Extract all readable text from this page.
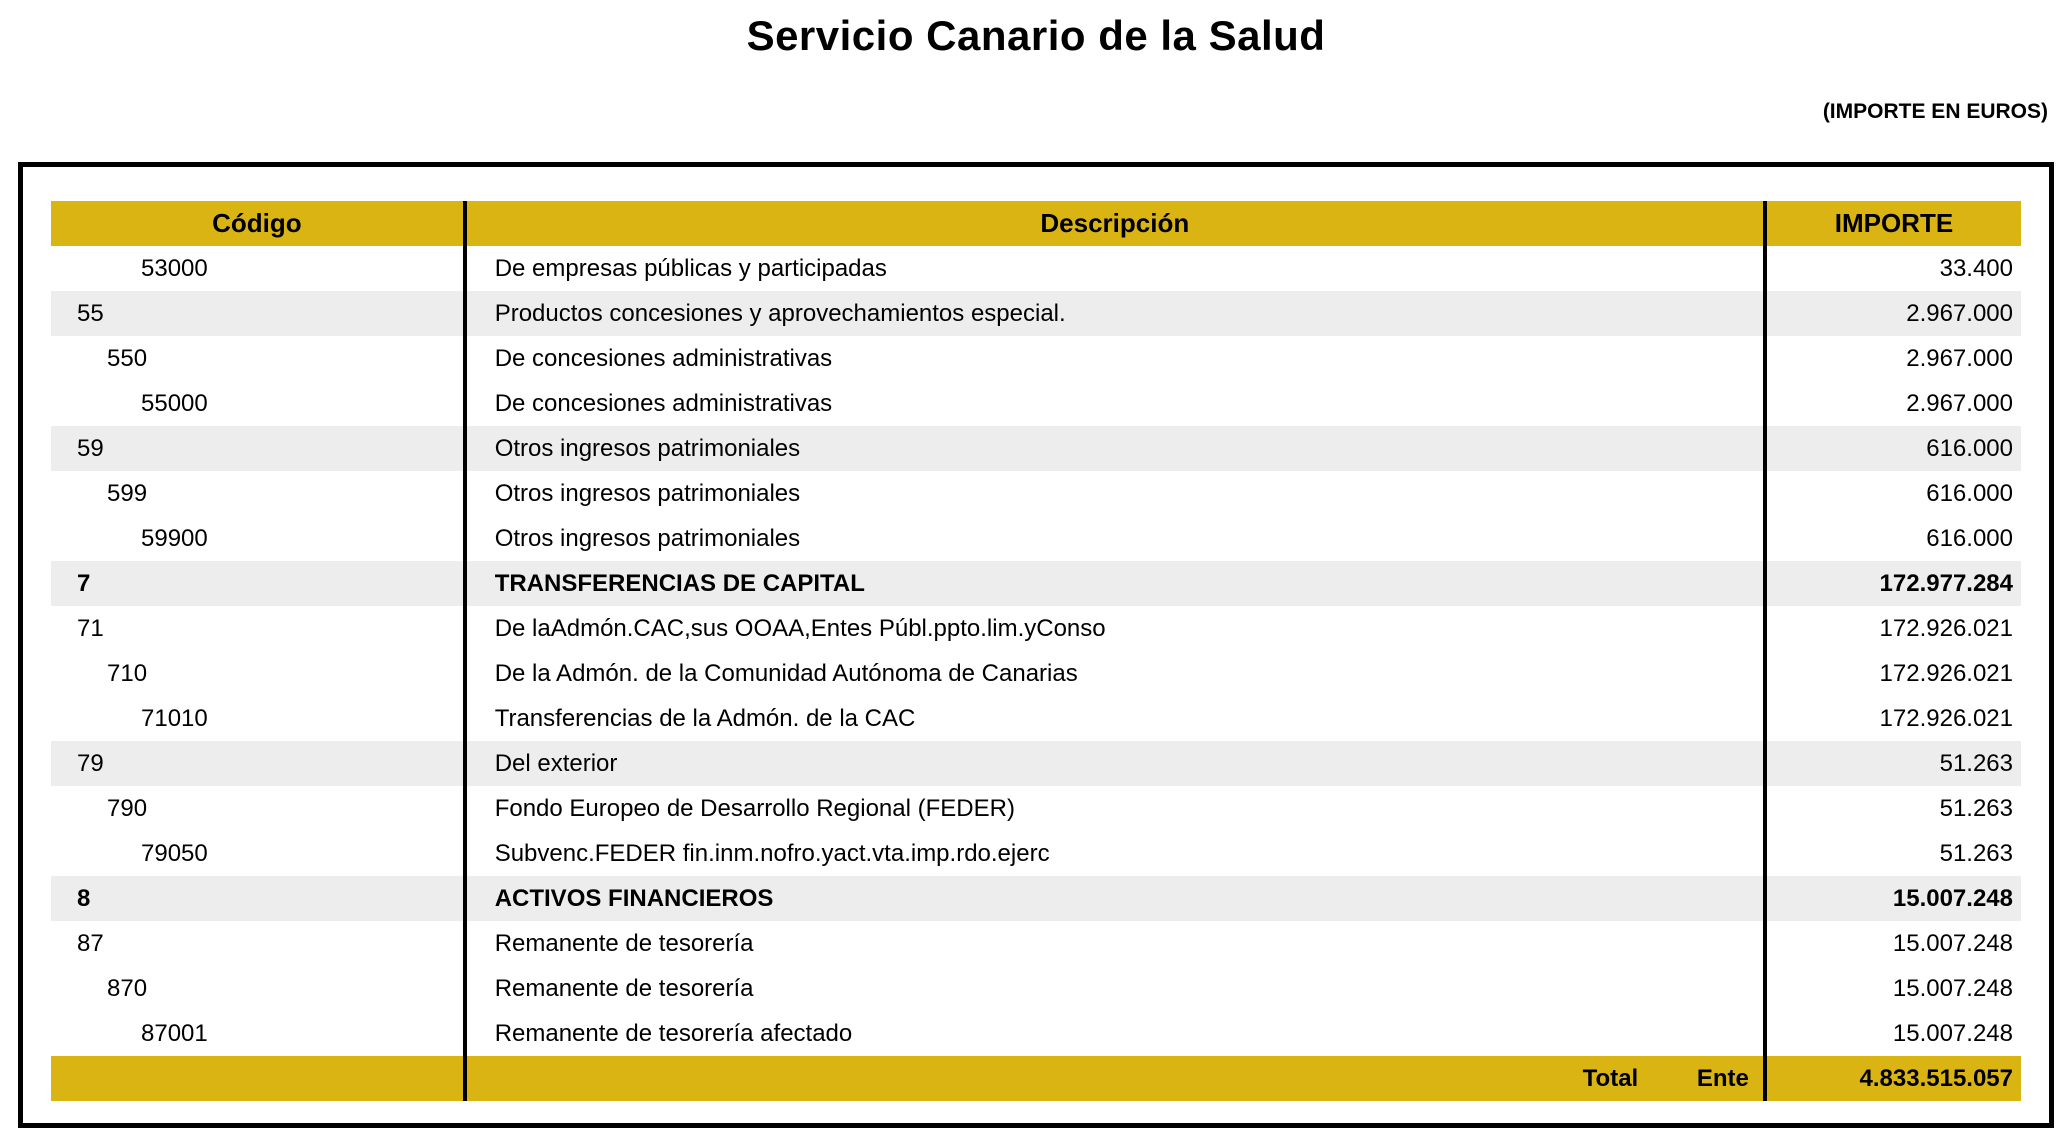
Servicio Canario de la Salud
(IMPORTE EN EUROS)
Código	Descripción	IMPORTE
53000	De empresas públicas y participadas	33.400
55	Productos concesiones y aprovechamientos especial.	2.967.000
550	De concesiones administrativas	2.967.000
55000	De concesiones administrativas	2.967.000
59	Otros ingresos patrimoniales	616.000
599	Otros ingresos patrimoniales	616.000
59900	Otros ingresos patrimoniales	616.000
7	TRANSFERENCIAS DE CAPITAL	172.977.284
71	De laAdmón.CAC,sus OOAA,Entes Públ.ppto.lim.yConso	172.926.021
710	De la Admón. de la Comunidad Autónoma de Canarias	172.926.021
71010	Transferencias de la Admón. de la CAC	172.926.021
79	Del exterior	51.263
790	Fondo Europeo de Desarrollo Regional (FEDER)	51.263
79050	Subvenc.FEDER fin.inm.nofro.yact.vta.imp.rdo.ejerc	51.263
8	ACTIVOS FINANCIEROS	15.007.248
87	Remanente de tesorería	15.007.248
870	Remanente de tesorería	15.007.248
87001	Remanente de tesorería afectado	15.007.248
	Total Ente	4.833.515.057
